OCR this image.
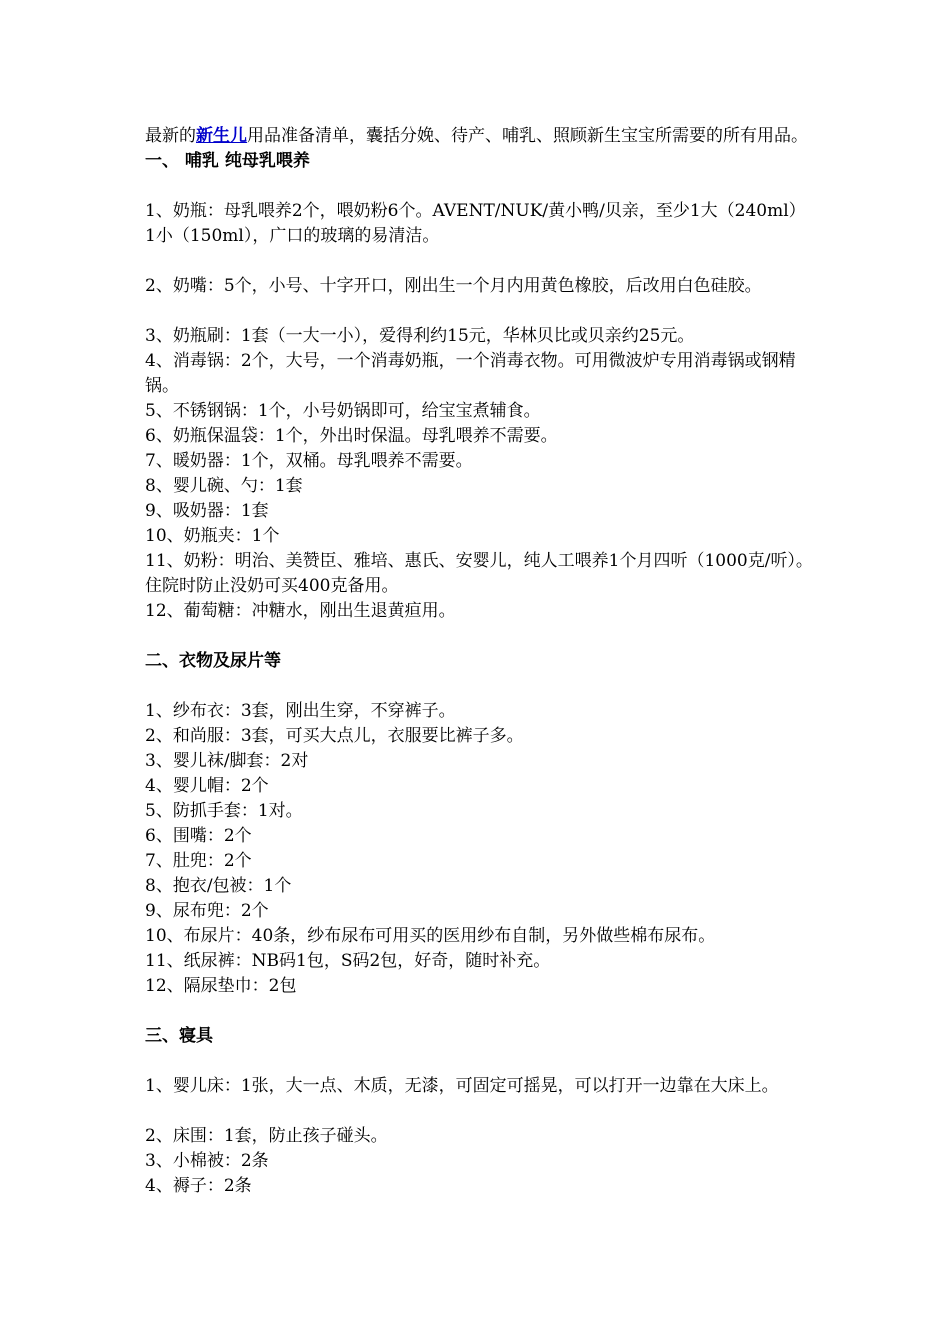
最新的新生儿用品准备清单，囊括分娩、待产、哺乳、照顾新生宝宝所需要的所有用品。

一、 哺乳 纯母乳喂养

1、奶瓶：母乳喂养2个，喂奶粉6个。AVENT/NUK/黄小鸭/贝亲，至少1大（240ml）1小（150ml），广口的玻璃的易清洁。

2、奶嘴：5个，小号、十字开口，刚出生一个月内用黄色橡胶，后改用白色硅胶。

3、奶瓶刷：1套（一大一小），爱得利约15元，华林贝比或贝亲约25元。

4、消毒锅：2个，大号，一个消毒奶瓶，一个消毒衣物。可用微波炉专用消毒锅或钢精锅。

5、不锈钢锅：1个，小号奶锅即可，给宝宝煮辅食。

6、奶瓶保温袋：1个，外出时保温。母乳喂养不需要。

7、暖奶器：1个，双桶。母乳喂养不需要。

8、婴儿碗、勺：1套

9、吸奶器：1套

10、奶瓶夹：1个

11、奶粉：明治、美赞臣、雅培、惠氏、安婴儿，纯人工喂养1个月四听（1000克/听）。住院时防止没奶可买400克备用。

12、葡萄糖：冲糖水，刚出生退黄疸用。

二、衣物及尿片等

1、纱布衣：3套，刚出生穿，不穿裤子。

2、和尚服：3套，可买大点儿，衣服要比裤子多。

3、婴儿袜/脚套：2对

4、婴儿帽：2个

5、防抓手套：1对。

6、围嘴：2个

7、肚兜：2个

8、抱衣/包被：1个

9、尿布兜：2个

10、布尿片：40条，纱布尿布可用买的医用纱布自制，另外做些棉布尿布。

11、纸尿裤：NB码1包，S码2包，好奇，随时补充。

12、隔尿垫巾：2包

三、寝具

1、婴儿床：1张，大一点、木质，无漆，可固定可摇晃，可以打开一边靠在大床上。

2、床围：1套，防止孩子碰头。

3、小棉被：2条

4、褥子：2条
